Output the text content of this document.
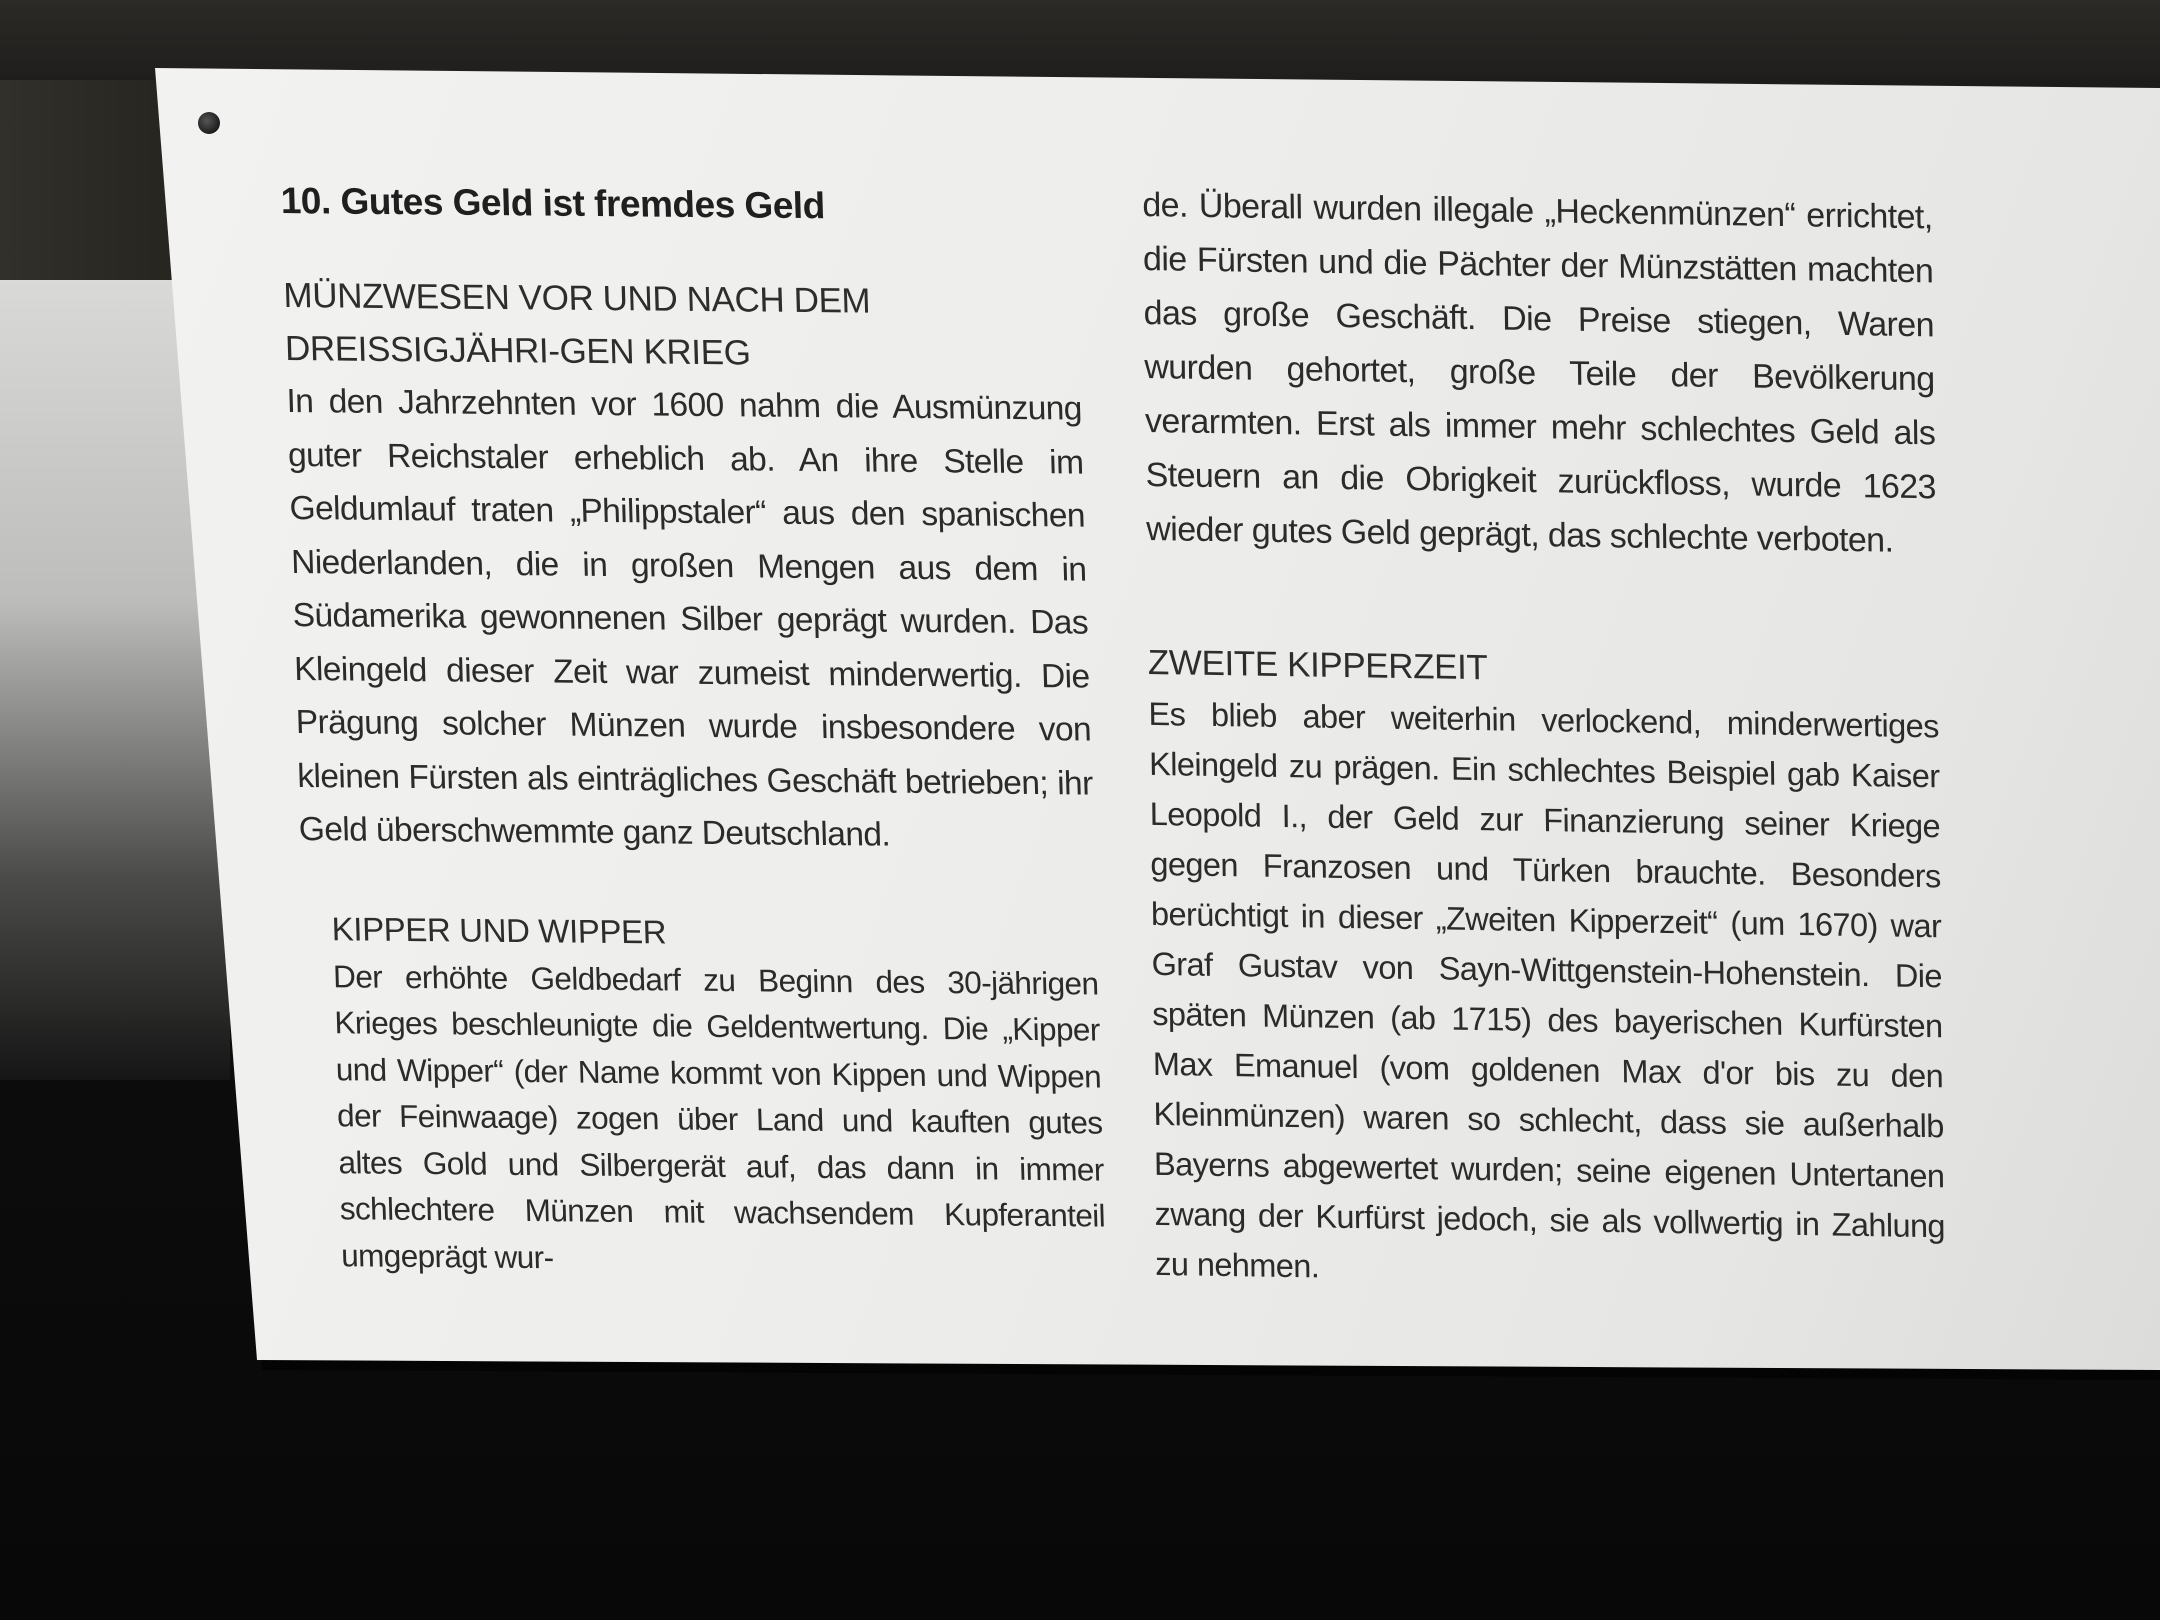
10. Gutes Geld ist fremdes Geld
MÜNZWESEN VOR UND NACH DEM DREISSIGJÄHRI-GEN KRIEG

In den Jahrzehnten vor 1600 nahm die Ausmünzung guter Reichstaler erheblich ab. An ihre Stelle im Geldumlauf traten „Philippstaler“ aus den spanischen Niederlanden, die in großen Mengen aus dem in Südamerika gewonnenen Silber geprägt wurden. Das Kleingeld dieser Zeit war zumeist minderwertig. Die Prägung solcher Münzen wurde insbesondere von kleinen Fürsten als einträgliches Geschäft betrieben; ihr Geld überschwemmte ganz Deutschland.

KIPPER UND WIPPER

Der erhöhte Geldbedarf zu Beginn des 30-jährigen Krieges beschleunigte die Geldentwertung. Die „Kipper und Wipper“ (der Name kommt von Kippen und Wippen der Feinwaage) zogen über Land und kauften gutes altes Gold und Silbergerät auf, das dann in immer schlechtere Münzen mit wachsendem Kupferanteil umgeprägt wur-

de. Überall wurden illegale „Heckenmünzen“ errichtet, die Fürsten und die Pächter der Münzstätten machten das große Geschäft. Die Preise stiegen, Waren wurden gehortet, große Teile der Bevölkerung verarmten. Erst als immer mehr schlechtes Geld als Steuern an die Obrigkeit zurückfloss, wurde 1623 wieder gutes Geld geprägt, das schlechte verboten.

ZWEITE KIPPERZEIT

Es blieb aber weiterhin verlockend, minderwertiges Kleingeld zu prägen. Ein schlechtes Beispiel gab Kaiser Leopold I., der Geld zur Finanzierung seiner Kriege gegen Franzosen und Türken brauchte. Besonders berüchtigt in dieser „Zweiten Kipperzeit“ (um 1670) war Graf Gustav von Sayn-Wittgenstein-Hohenstein. Die späten Münzen (ab 1715) des bayerischen Kurfürsten Max Emanuel (vom goldenen Max d'or bis zu den Kleinmünzen) waren so schlecht, dass sie außerhalb Bayerns abgewertet wurden; seine eigenen Untertanen zwang der Kurfürst jedoch, sie als vollwertig in Zahlung zu nehmen.
